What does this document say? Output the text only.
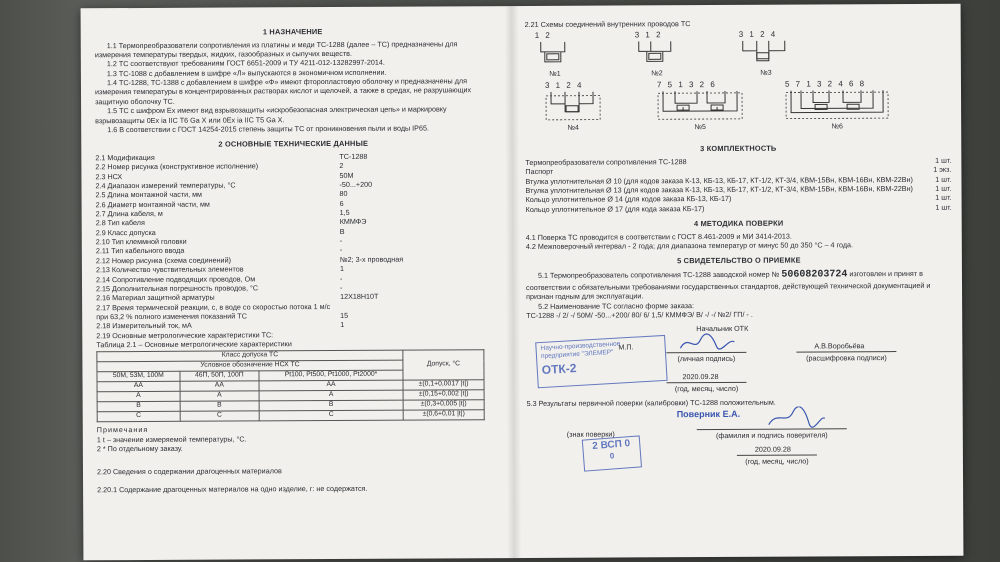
1 НАЗНАЧЕНИЕ

1.1 Термопреобразователи сопротивления из платины и меди ТС-1288 (далее – ТС) предназначены для измерения температуры твердых, жидких, газообразных и сыпучих веществ.

1.2 ТС соответствуют требованиям ГОСТ 6651-2009 и ТУ 4211-012-13282997-2014.

1.3 ТС-1088 с добавлением в шифре «Л» выпускаются в экономичном исполнении.

1.4 ТС-1288, ТС-1388 с добавлением в шифре «Ф» имеют фторопластовую оболочку и предназначены для измерения температуры в концентрированных растворах кислот и щелочей, а также в средах, не разрушающих защитную оболочку ТС.

1.5 ТС с шифром Ex имеют вид взрывозащиты «искробезопасная электрическая цепь» и маркировку взрывозащиты 0Ex ia IIC T6 Ga X или 0Ex ia IIC T5 Ga X.

1.6 В соответствии с ГОСТ 14254-2015 степень защиты ТС от проникновения пыли и воды IP65.

2 ОСНОВНЫЕ ТЕХНИЧЕСКИЕ ДАННЫЕ
2.1 Модификация	ТС-1288
2.2 Номер рисунка (конструктивное исполнение)	2
2.3 НСХ	50М
2.4 Диапазон измерений температуры, °С	-50...+200
2.5 Длина монтажной части, мм	80
2.6 Диаметр монтажной части, мм	6
2.7 Длина кабеля, м	1,5
2.8 Тип кабеля	КММФЭ
2.9 Класс допуска	В
2.10 Тип клеммной головки	-
2.11 Тип кабельного ввода	-
2.12 Номер рисунка (схема соединений)	№2; 3-х проводная
2.13 Количество чувствительных элементов	1
2.14 Сопротивление подводящих проводов, Ом	-
2.15 Дополнительная погрешность проводов, °С	-
2.16 Материал защитной арматуры	12Х18Н10Т
2.17 Время термической реакции, с, в воде со скоростью потока 1 м/с при 63,2 % полного изменения показаний ТС	15
2.18 Измерительный ток, мА	1

2.19 Основные метрологические характеристики ТС:

Таблица 2.1 – Основные метрологические характеристики

Класс допуска ТС			Допуск, °С
Условное обозначение НСХ ТС			
50М, 53М, 100М	46П, 50П, 100П	Pt100, Pt500, Pt1000, Pt2000*	
АА	АА	АА	±(0,1+0,0017 |t|)
А	А	А	±(0,15+0,002 |t|)
В	В	В	±(0,3+0,005 |t|)
С	С	С	±(0,6+0,01 |t|)

Примечания

1 t – значение измеряемой температуры, °С.

2 * По отдельному заказу.

2.20 Сведения о содержании драгоценных материалов

2.20.1 Содержание драгоценных материалов на одно изделие, г: не содержатся.

2.21 Схемы соединений внутренних проводов ТС

1 2
№1
3 1 2
№2
3 1 2 4
№3
3 1 2 4
№4
7 5 1 3 2 6
№5
5 7 1 3 2 4 6 8
№6
3 КОМПЛЕКТНОСТЬ
Термопреобразователи сопротивления ТС-1288	1 шт.
Паспорт	1 экз.
Втулка уплотнительная Ø 10 (для кодов заказа К-13, КБ-13, КБ-17, КТ-1/2, КТ-3/4, КВМ-15Вн, КВМ-16Вн, КВМ-22Вн)	1 шт.
Втулка уплотнительная Ø 13 (для кодов заказа К-13, КБ-13, КБ-17, КТ-1/2, КТ-3/4, КВМ-15Вн, КВМ-16Вн, КВМ-22Вн)	1 шт.
Кольцо уплотнительное Ø 14 (для кодов заказа КБ-13, КБ-17)	1 шт.
Кольцо уплотнительное Ø 17 (для кода заказа КБ-17)	1 шт.
4 МЕТОДИКА ПОВЕРКИ

4.1 Поверка ТС проводится в соответствии с ГОСТ 8.461-2009 и МИ 3414-2013.

4.2 Межповерочный интервал - 2 года; для диапазона температур от минус 50 до 350 °С – 4 года.

5 СВИДЕТЕЛЬСТВО О ПРИЕМКЕ

5.1 Термопреобразователь сопротивления ТС-1288 заводской номер № 50608203724 изготовлен и принят в соответствии с обязательными требованиями государственных стандартов, действующей технической документацией и признан годным для эксплуатации.

5.2 Наименование ТС согласно форме заказа:

ТС-1288 -/ 2/ -/ 50М/ -50...+200/ 80/ 6/ 1,5/ КММФЭ/ В/ -/ -/ №2/ ГП/ - .

Начальник ОТК

М.П.

(личная подпись)

А.В.Воробьёва

(расшифровка подписи)

2020.09.28

(год, месяц, число)
Научно-производственное предприятие "ЭЛЕМЕР"
ОТК-2

5.3 Результаты первичной поверки (калибровки) ТС-1288 положительным.

Поверник Е.А.

(знак поверки)	(фамилия и подпись поверителя)

2020.09.28

(год, месяц, число)
2 ВСП 0
0
